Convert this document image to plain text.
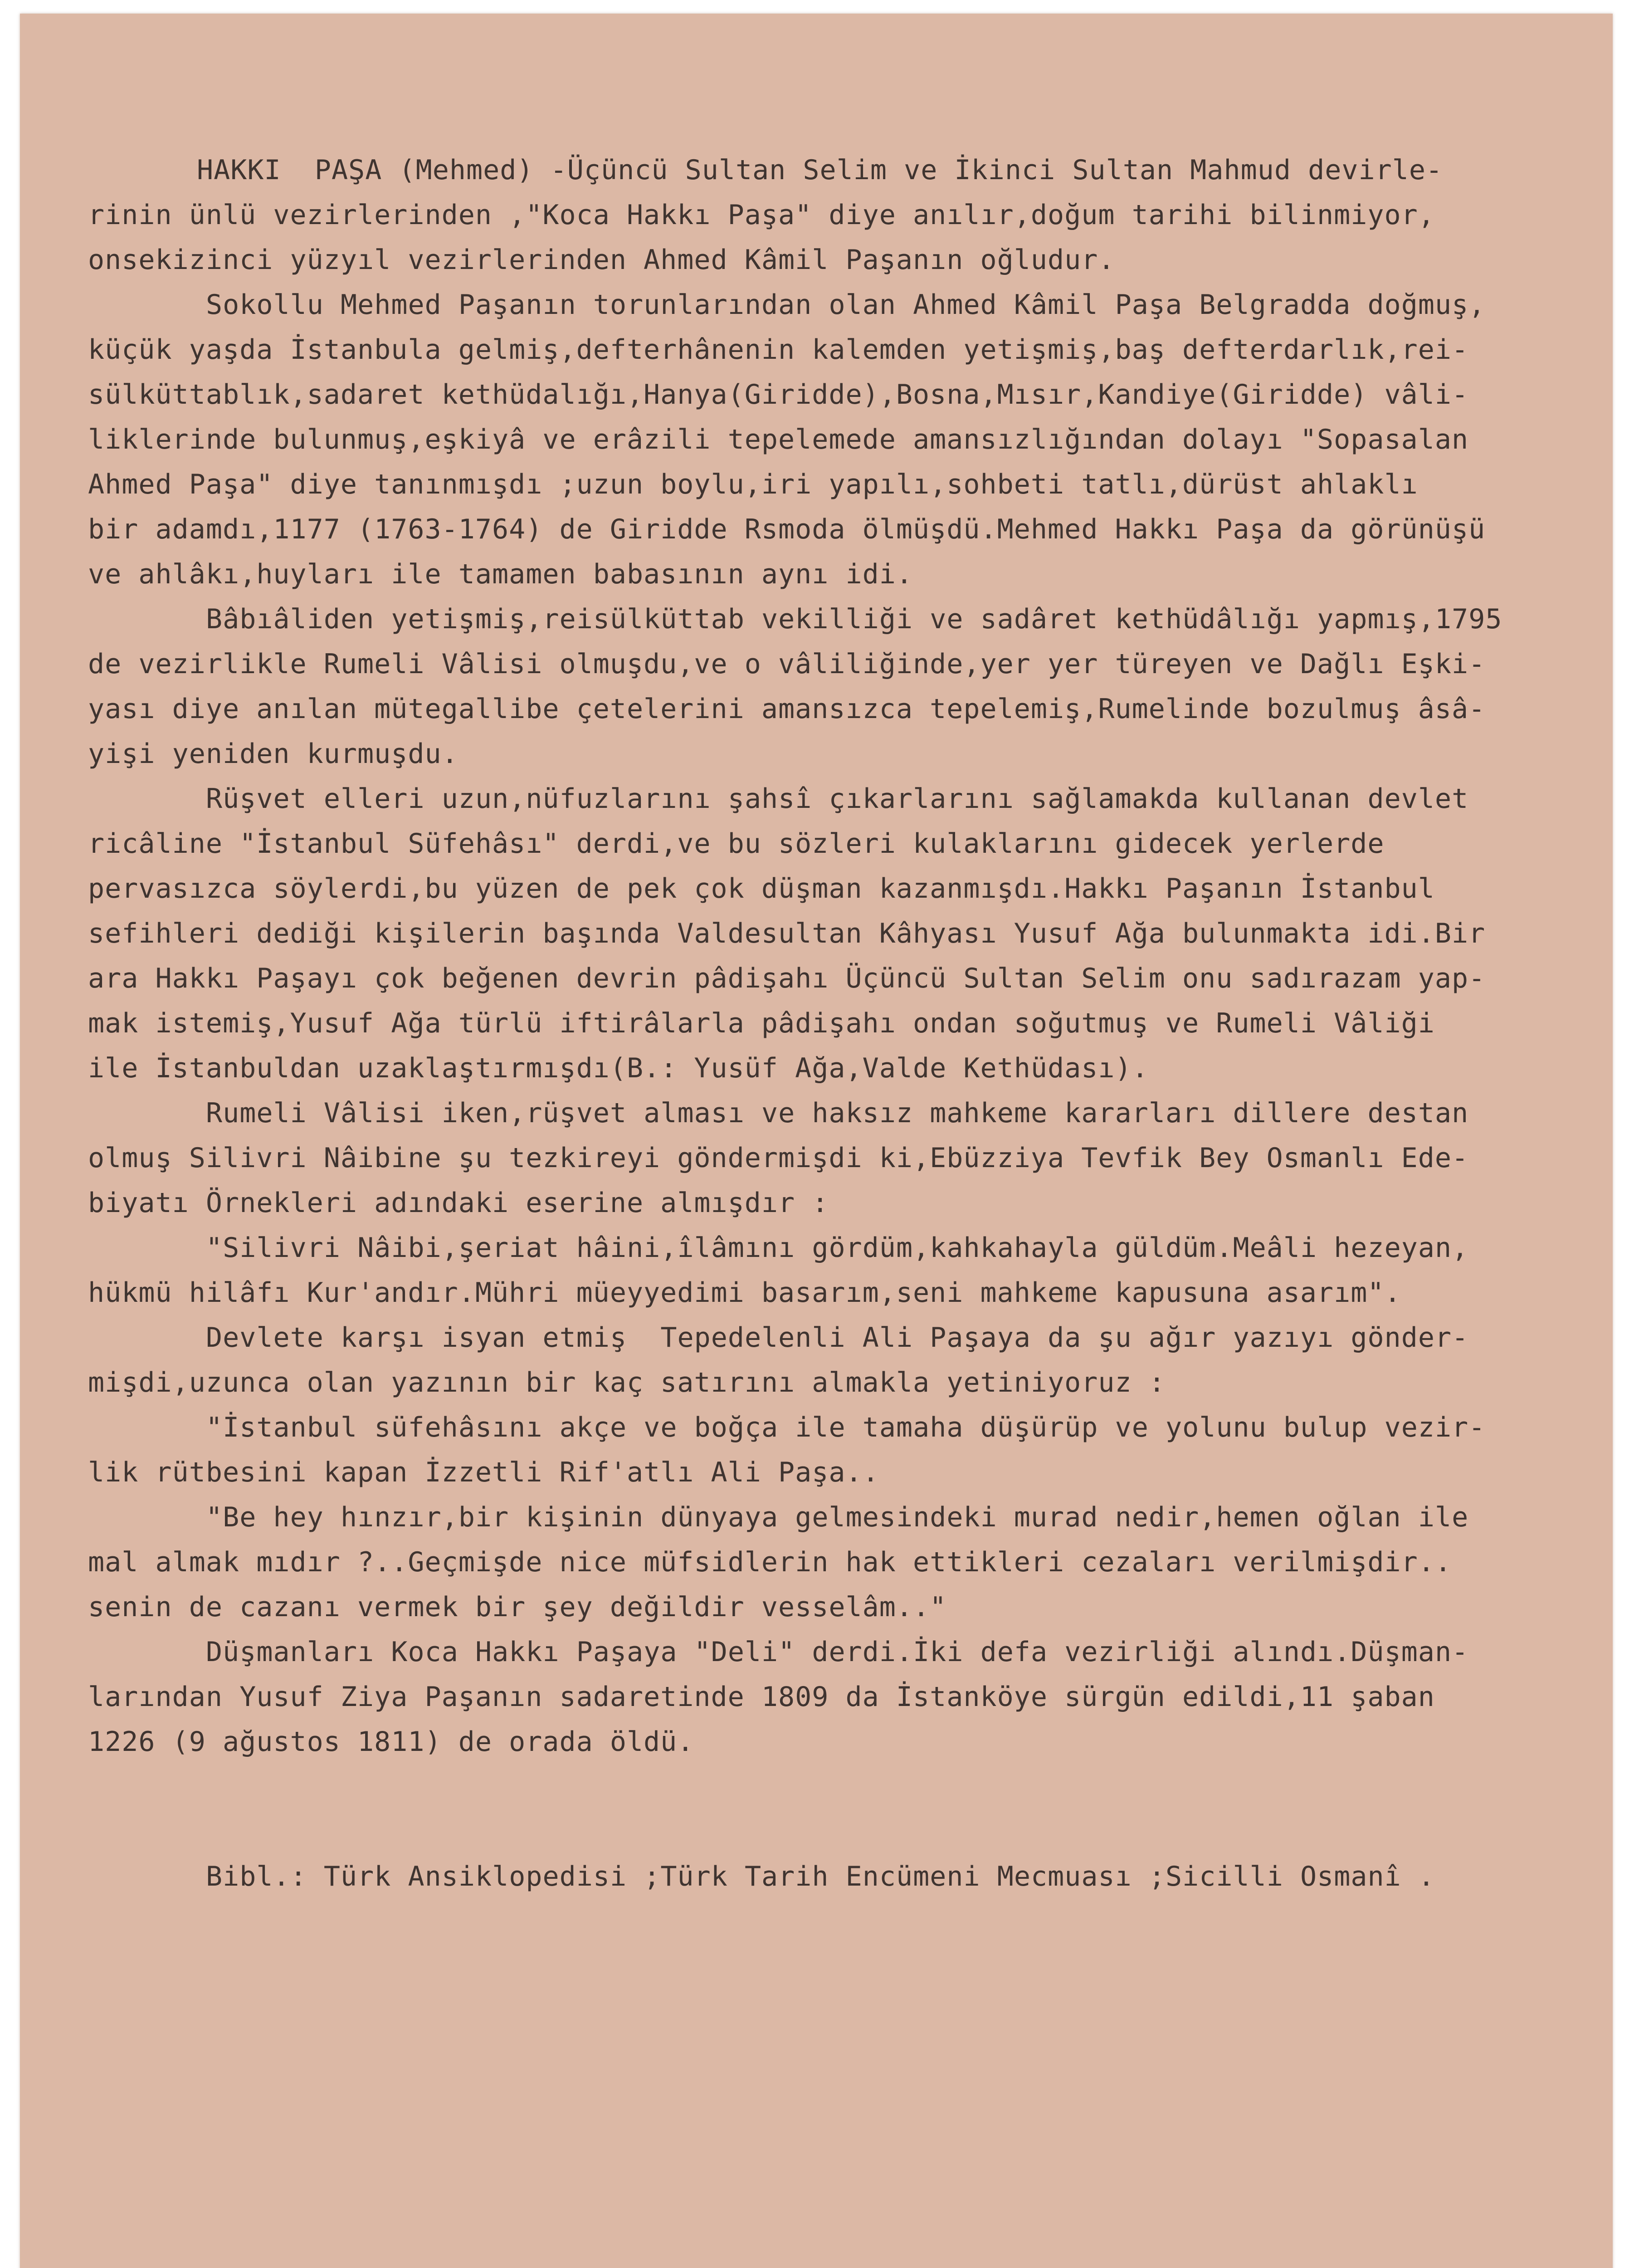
HAKKI  PAŞA (Mehmed) -Üçüncü Sultan Selim ve İkinci Sultan Mahmud devirle-
rinin ünlü vezirlerinden ,"Koca Hakkı Paşa" diye anılır,doğum tarihi bilinmiyor,
onsekizinci yüzyıl vezirlerinden Ahmed Kâmil Paşanın oğludur.
Sokollu Mehmed Paşanın torunlarından olan Ahmed Kâmil Paşa Belgradda doğmuş,
küçük yaşda İstanbula gelmiş,defterhânenin kalemden yetişmiş,baş defterdarlık,rei-
sülküttablık,sadaret kethüdalığı,Hanya(Giridde),Bosna,Mısır,Kandiye(Giridde) vâli-
liklerinde bulunmuş,eşkiyâ ve erâzili tepelemede amansızlığından dolayı "Sopasalan
Ahmed Paşa" diye tanınmışdı ;uzun boylu,iri yapılı,sohbeti tatlı,dürüst ahlaklı
bir adamdı,1177 (1763-1764) de Giridde Rsmoda ölmüşdü.Mehmed Hakkı Paşa da görünüşü
ve ahlâkı,huyları ile tamamen babasının aynı idi.
Bâbıâliden yetişmiş,reisülküttab vekilliği ve sadâret kethüdâlığı yapmış,1795
de vezirlikle Rumeli Vâlisi olmuşdu,ve o vâliliğinde,yer yer türeyen ve Dağlı Eşki-
yası diye anılan mütegallibe çetelerini amansızca tepelemiş,Rumelinde bozulmuş âsâ-
yişi yeniden kurmuşdu.
Rüşvet elleri uzun,nüfuzlarını şahsî çıkarlarını sağlamakda kullanan devlet
ricâline "İstanbul Süfehâsı" derdi,ve bu sözleri kulaklarını gidecek yerlerde
pervasızca söylerdi,bu yüzen de pek çok düşman kazanmışdı.Hakkı Paşanın İstanbul
sefihleri dediği kişilerin başında Valdesultan Kâhyası Yusuf Ağa bulunmakta idi.Bir
ara Hakkı Paşayı çok beğenen devrin pâdişahı Üçüncü Sultan Selim onu sadırazam yap-
mak istemiş,Yusuf Ağa türlü iftirâlarla pâdişahı ondan soğutmuş ve Rumeli Vâliği
ile İstanbuldan uzaklaştırmışdı(B.: Yusüf Ağa,Valde Kethüdası).
Rumeli Vâlisi iken,rüşvet alması ve haksız mahkeme kararları dillere destan
olmuş Silivri Nâibine şu tezkireyi göndermişdi ki,Ebüzziya Tevfik Bey Osmanlı Ede-
biyatı Örnekleri adındaki eserine almışdır :
"Silivri Nâibi,şeriat hâini,îlâmını gördüm,kahkahayla güldüm.Meâli hezeyan,
hükmü hilâfı Kur'andır.Mühri müeyyedimi basarım,seni mahkeme kapusuna asarım".
Devlete karşı isyan etmiş  Tepedelenli Ali Paşaya da şu ağır yazıyı gönder-
mişdi,uzunca olan yazının bir kaç satırını almakla yetiniyoruz :
"İstanbul süfehâsını akçe ve boğça ile tamaha düşürüp ve yolunu bulup vezir-
lik rütbesini kapan İzzetli Rif'atlı Ali Paşa..
"Be hey hınzır,bir kişinin dünyaya gelmesindeki murad nedir,hemen oğlan ile
mal almak mıdır ?..Geçmişde nice müfsidlerin hak ettikleri cezaları verilmişdir..
senin de cazanı vermek bir şey değildir vesselâm.."
Düşmanları Koca Hakkı Paşaya "Deli" derdi.İki defa vezirliği alındı.Düşman-
larından Yusuf Ziya Paşanın sadaretinde 1809 da İstanköye sürgün edildi,11 şaban
1226 (9 ağustos 1811) de orada öldü.
Bibl.: Türk Ansiklopedisi ;Türk Tarih Encümeni Mecmuası ;Sicilli Osmanî .
